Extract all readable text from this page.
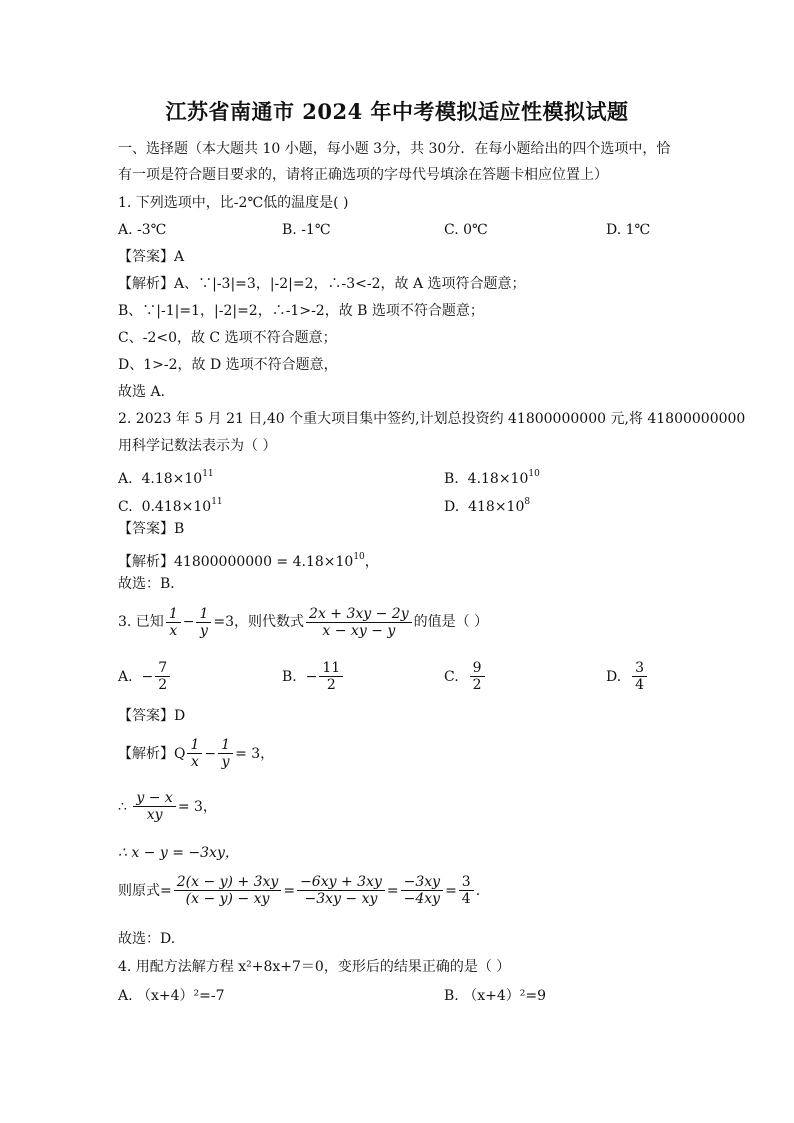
江苏省南通市 2024 年中考模拟适应性模拟试题
一、选择题（本大题共 10 小题，每小题 3分，共 30分．在每小题给出的四个选项中，恰
有一项是符合题目要求的，请将正确选项的字母代号填涂在答题卡相应位置上）
1. 下列选项中，比-2℃低的温度是( )
A. -3℃	B. -1℃	C. 0℃	D. 1℃
【答案】A
【解析】A、∵|-3|=3，|-2|=2，∴-3<-2，故 A 选项符合题意；
B、∵|-1|=1，|-2|=2，∴-1>-2，故 B 选项不符合题意；
C、-2<0，故 C 选项不符合题意；
D、1>-2，故 D 选项不符合题意，
故选 A.
2. 2023 年 5 月 21 日,40 个重大项目集中签约,计划总投资约 41800000000 元,将 41800000000
用科学记数法表示为（ ）
A. $4.18\times 10^{11}$	B. $4.18\times 10^{10}$
C. $0.418\times 10^{11}$	D. $418\times 10^8$
【答案】B
【解析】$41800000000 = 4.18\times 10^{10}$，
故选：B．
3. 已知 $\frac{1}{x} - \frac{1}{y} =3$，则代数式 $\frac{2x + 3xy - 2y}{x - xy - y}$ 的值是（ ）
A.
− $\frac{7}{2}$	B.
− $\frac{11}{2}$	C.
$\frac{9}{2}$	D.
$\frac{3}{4}$
【答案】D
【解析】Q $\frac{1}{x} - \frac{1}{y} = 3$，
∴
$\frac{y - x}{xy} = 3$，
∴ x − y = −3xy，
则原式= $\frac{2(x - y) + 3xy}{(x - y) - xy} = \frac{-6xy + 3xy}{-3xy - xy} = \frac{-3xy}{-4xy} = \frac{3}{4}$ .
故选：D.
4. 用配方法解方程 x²+8x+7＝0，变形后的结果正确的是（ ）
A. （x+4）²=-7	B. （x+4）²=9
